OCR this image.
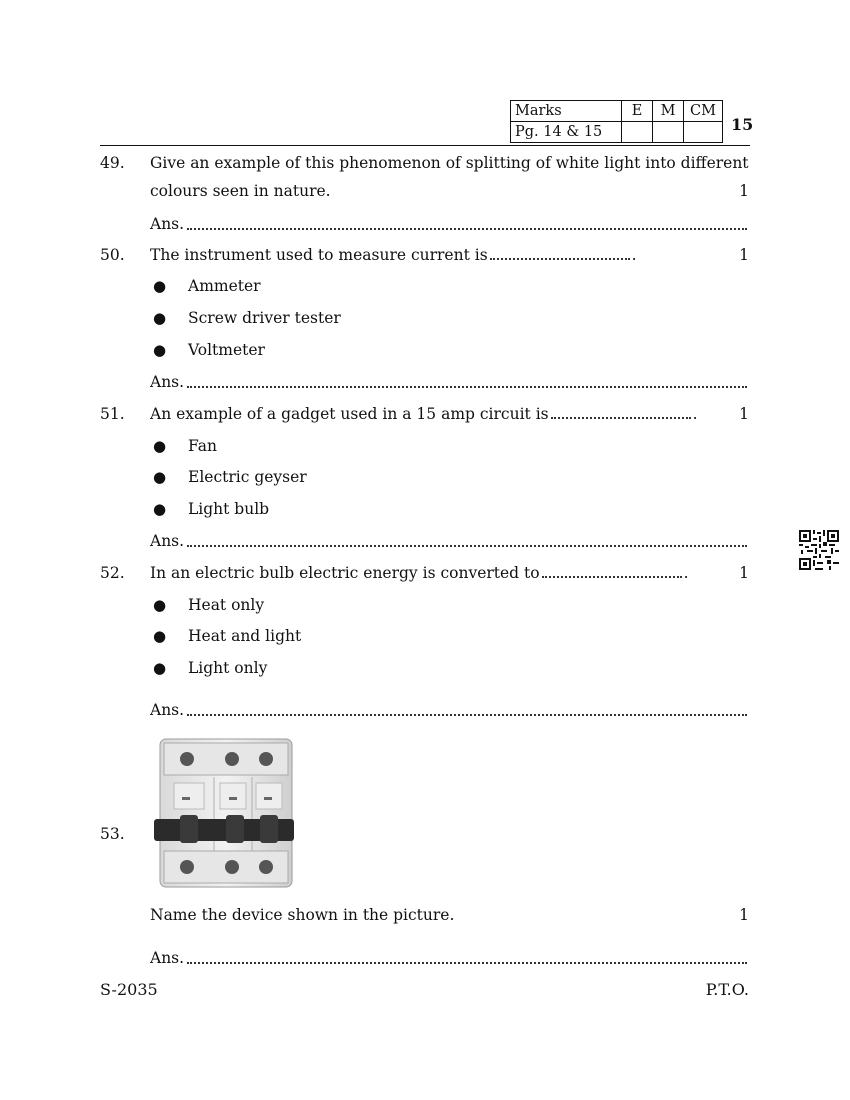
Marks	E	M	CM
Pg. 14 & 15				15
49. Give an example of this phenomenon of splitting of white light into different
colours seen in nature.	1
Ans.
50. The instrument used to measure current is	.	1
● Ammeter
● Screw driver tester
● Voltmeter
Ans.
51. An example of a gadget used in a 15 amp circuit is	.	1
● Fan
● Electric geyser
● Light bulb
Ans.
52. In an electric bulb electric energy is converted to	.	1
● Heat only
● Heat and light
● Light only
Ans.
53.
Name the device shown in the picture.	1
Ans.
S-2035	P.T.O.
